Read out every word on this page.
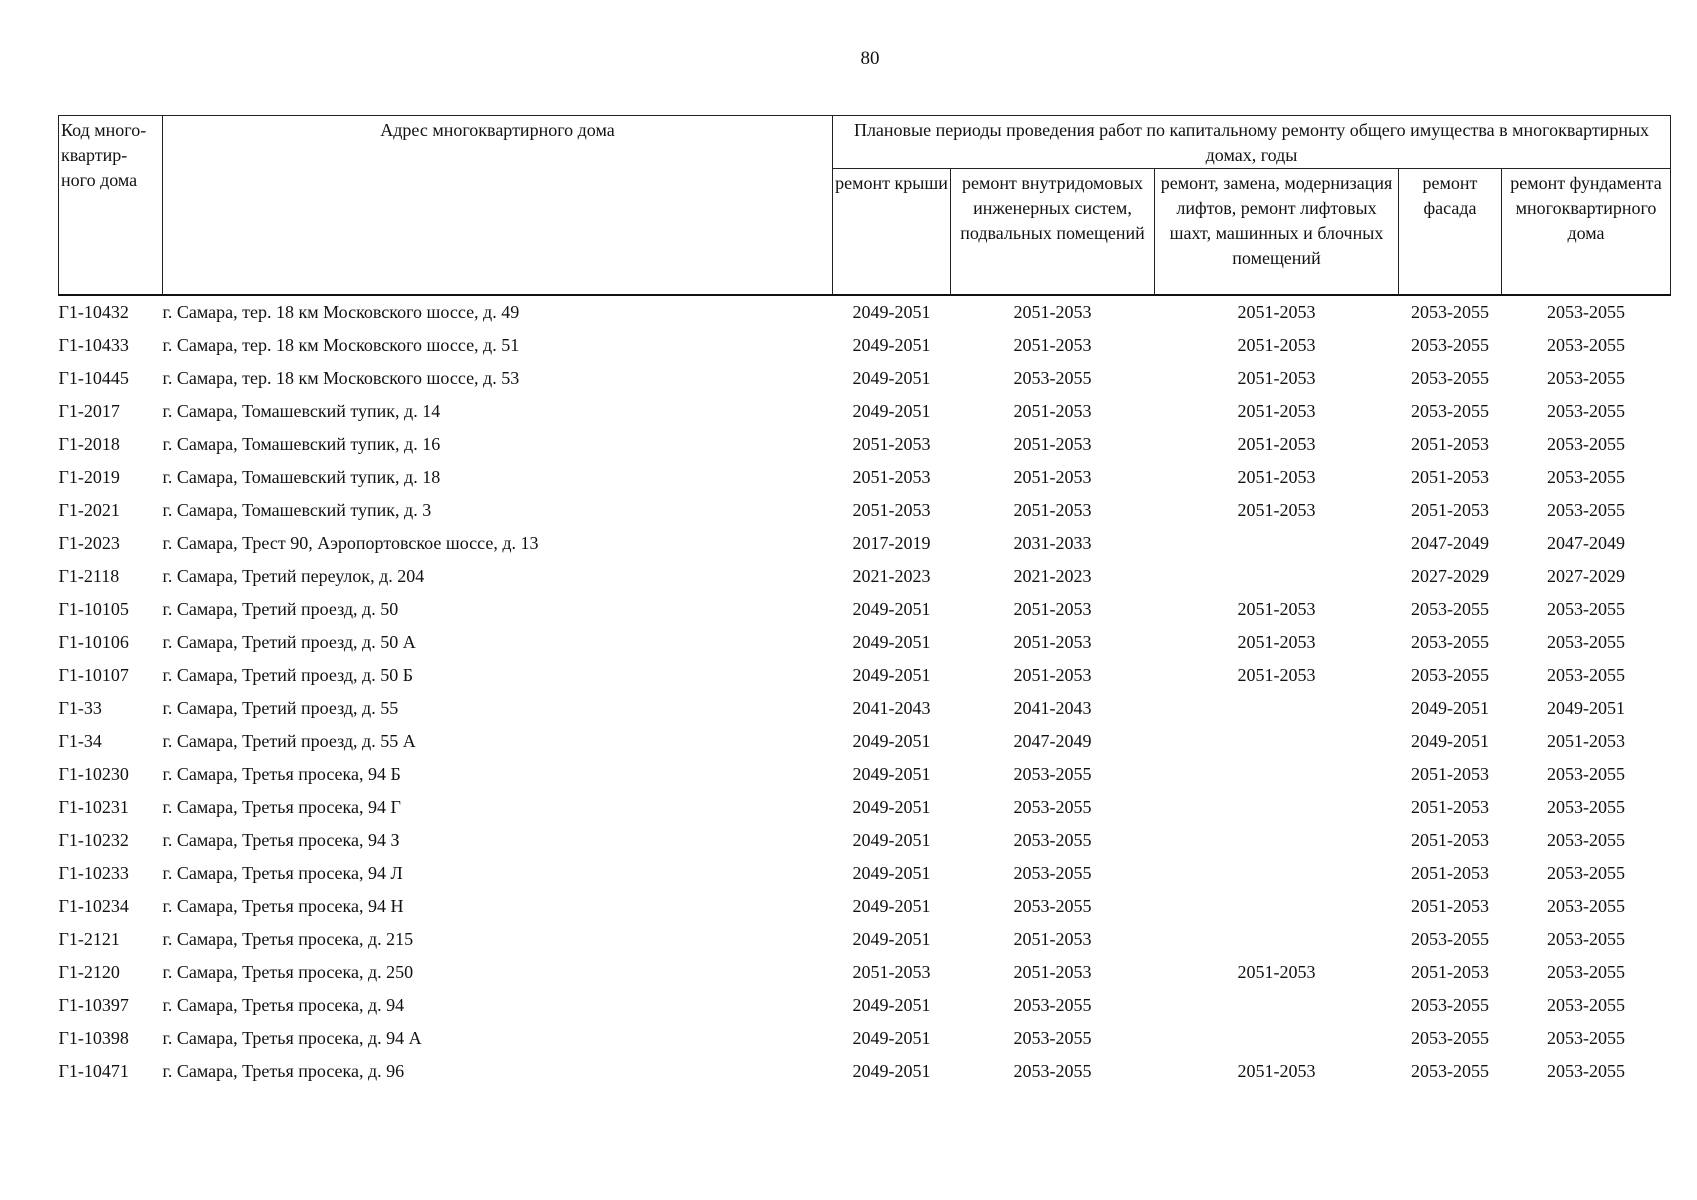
80
Код много-квартир-ного дома	Адрес многоквартирного дома	Плановые периоды проведения работ по капитальному ремонту общего имущества в многоквартирных домах, годы				
		ремонт крыши	ремонт внутридомовых инженерных систем, подвальных помещений	ремонт, замена, модернизация лифтов, ремонт лифтовых шахт, машинных и блочных помещений	ремонт фасада	ремонт фундамента многоквартирного дома
Г1-10432	г. Самара, тер. 18 км Московского шоссе, д. 49	2049-2051	2051-2053	2051-2053	2053-2055	2053-2055
Г1-10433	г. Самара, тер. 18 км Московского шоссе, д. 51	2049-2051	2051-2053	2051-2053	2053-2055	2053-2055
Г1-10445	г. Самара, тер. 18 км Московского шоссе, д. 53	2049-2051	2053-2055	2051-2053	2053-2055	2053-2055
Г1-2017	г. Самара, Томашевский тупик, д. 14	2049-2051	2051-2053	2051-2053	2053-2055	2053-2055
Г1-2018	г. Самара, Томашевский тупик, д. 16	2051-2053	2051-2053	2051-2053	2051-2053	2053-2055
Г1-2019	г. Самара, Томашевский тупик, д. 18	2051-2053	2051-2053	2051-2053	2051-2053	2053-2055
Г1-2021	г. Самара, Томашевский тупик, д. 3	2051-2053	2051-2053	2051-2053	2051-2053	2053-2055
Г1-2023	г. Самара, Трест 90, Аэропортовское шоссе, д. 13	2017-2019	2031-2033		2047-2049	2047-2049
Г1-2118	г. Самара, Третий переулок, д. 204	2021-2023	2021-2023		2027-2029	2027-2029
Г1-10105	г. Самара, Третий проезд, д. 50	2049-2051	2051-2053	2051-2053	2053-2055	2053-2055
Г1-10106	г. Самара, Третий проезд, д. 50 А	2049-2051	2051-2053	2051-2053	2053-2055	2053-2055
Г1-10107	г. Самара, Третий проезд, д. 50 Б	2049-2051	2051-2053	2051-2053	2053-2055	2053-2055
Г1-33	г. Самара, Третий проезд, д. 55	2041-2043	2041-2043		2049-2051	2049-2051
Г1-34	г. Самара, Третий проезд, д. 55 А	2049-2051	2047-2049		2049-2051	2051-2053
Г1-10230	г. Самара, Третья просека, 94 Б	2049-2051	2053-2055		2051-2053	2053-2055
Г1-10231	г. Самара, Третья просека, 94 Г	2049-2051	2053-2055		2051-2053	2053-2055
Г1-10232	г. Самара, Третья просека, 94 З	2049-2051	2053-2055		2051-2053	2053-2055
Г1-10233	г. Самара, Третья просека, 94 Л	2049-2051	2053-2055		2051-2053	2053-2055
Г1-10234	г. Самара, Третья просека, 94 Н	2049-2051	2053-2055		2051-2053	2053-2055
Г1-2121	г. Самара, Третья просека, д. 215	2049-2051	2051-2053		2053-2055	2053-2055
Г1-2120	г. Самара, Третья просека, д. 250	2051-2053	2051-2053	2051-2053	2051-2053	2053-2055
Г1-10397	г. Самара, Третья просека, д. 94	2049-2051	2053-2055		2053-2055	2053-2055
Г1-10398	г. Самара, Третья просека, д. 94 А	2049-2051	2053-2055		2053-2055	2053-2055
Г1-10471	г. Самара, Третья просека, д. 96	2049-2051	2053-2055	2051-2053	2053-2055	2053-2055
